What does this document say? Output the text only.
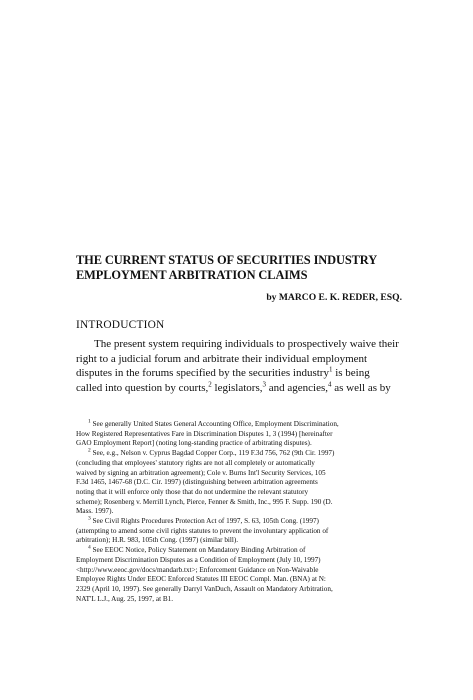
THE CURRENT STATUS OF SECURITIES INDUSTRY
EMPLOYMENT ARBITRATION CLAIMS
by MARCO E. K. REDER, ESQ.
INTRODUCTION

The present system requiring individuals to prospectively waive their
right to a judicial forum and arbitrate their individual employment
disputes in the forums specified by the securities industry$^1$ is being
called into question by courts,$^2$ legislators,$^3$ and agencies,$^4$ as well as by

$^1$ See generally United States General Accounting Office, Employment Discrimination,
How Registered Representatives Fare in Discrimination Disputes 1, 3 (1994) [hereinafter
GAO Employment Report] (noting long-standing practice of arbitrating disputes).
$^2$ See, e.g., Nelson v. Cyprus Bagdad Copper Corp., 119 F.3d 756, 762 (9th Cir. 1997)
(concluding that employees' statutory rights are not all completely or automatically
waived by signing an arbitration agreement); Cole v. Burns Int'l Security Services, 105
F.3d 1465, 1467-68 (D.C. Cir. 1997) (distinguishing between arbitration agreements
noting that it will enforce only those that do not undermine the relevant statutory
scheme); Rosenberg v. Merrill Lynch, Pierce, Fenner & Smith, Inc., 995 F. Supp. 190 (D.
Mass. 1997).
$^3$ See Civil Rights Procedures Protection Act of 1997, S. 63, 105th Cong. (1997)
(attempting to amend some civil rights statutes to prevent the involuntary application of
arbitration); H.R. 983, 105th Cong. (1997) (similar bill).
$^4$ See EEOC Notice, Policy Statement on Mandatory Binding Arbitration of
Employment Discrimination Disputes as a Condition of Employment (July 10, 1997)
<http://www.eeoc.gov/docs/mandarb.txt>; Enforcement Guidance on Non-Waivable
Employee Rights Under EEOC Enforced Statutes III EEOC Compl. Man. (BNA) at N:
2329 (April 10, 1997). See generally Darryl VanDuch, Assault on Mandatory Arbitration,
NAT'L L.J., Aug. 25, 1997, at B1.
